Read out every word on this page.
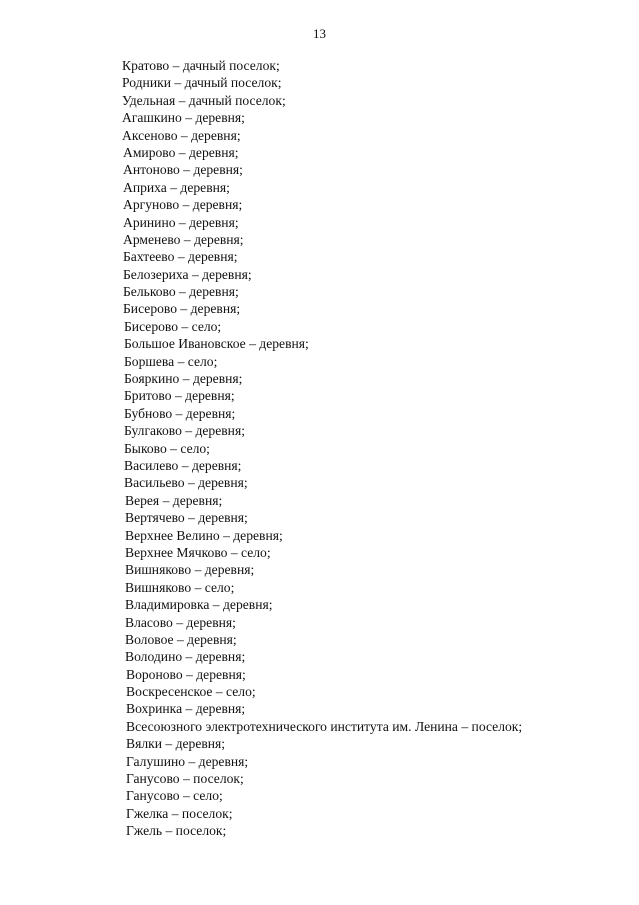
13
Кратово – дачный поселок;
Родники – дачный поселок;
Удельная – дачный поселок;
Агашкино – деревня;
Аксеново – деревня;
Амирово – деревня;
Антоново – деревня;
Априха – деревня;
Аргуново – деревня;
Аринино – деревня;
Арменево – деревня;
Бахтеево – деревня;
Белозериха – деревня;
Бельково – деревня;
Бисерово – деревня;
Бисерово – село;
Большое Ивановское – деревня;
Боршева – село;
Бояркино – деревня;
Бритово – деревня;
Бубново – деревня;
Булгаково – деревня;
Быково – село;
Василево – деревня;
Васильево – деревня;
Верея – деревня;
Вертячево – деревня;
Верхнее Велино – деревня;
Верхнее Мячково – село;
Вишняково – деревня;
Вишняково – село;
Владимировка – деревня;
Власово – деревня;
Воловое – деревня;
Володино – деревня;
Вороново – деревня;
Воскресенское – село;
Вохринка – деревня;
Всесоюзного электротехнического института им. Ленина – поселок;
Вялки – деревня;
Галушино – деревня;
Ганусово – поселок;
Ганусово – село;
Гжелка – поселок;
Гжель – поселок;
